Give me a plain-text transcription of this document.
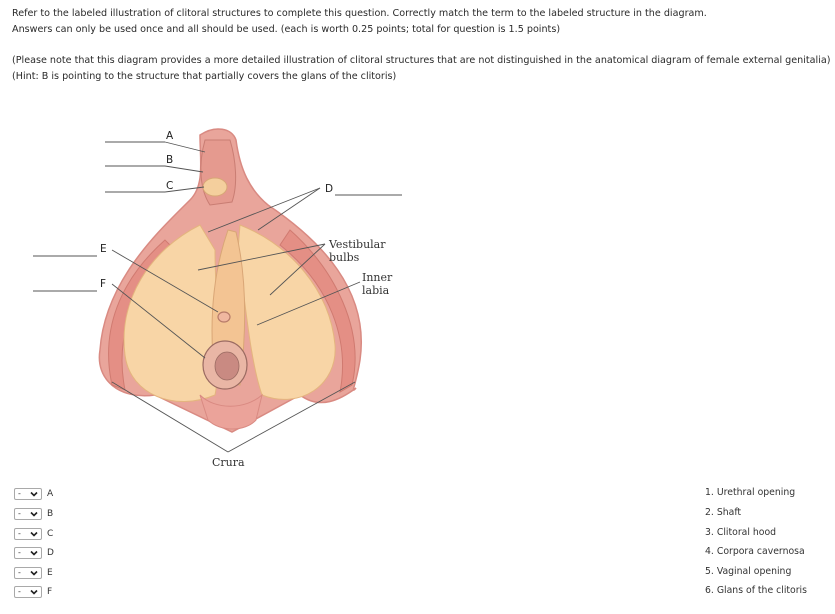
Refer to the labeled illustration of clitoral structures to complete this question. Correctly match the term to the labeled structure in the diagram.
Answers can only be used once and all should be used. (each is worth 0.25 points; total for question is 1.5 points)
(Please note that this diagram provides a more detailed illustration of clitoral structures that are not distinguished in the anatomical diagram of female external genitalia)
(Hint: B is pointing to the structure that partially covers the glans of the clitoris)
A
B
C	D
E
F
Vestibular
bulbs
Inner
labia
Crura
-	A
-	B
-	C
-	D
-	E
-	F
1. Urethral opening
2. Shaft
3. Clitoral hood
4. Corpora cavernosa
5. Vaginal opening
6. Glans of the clitoris
